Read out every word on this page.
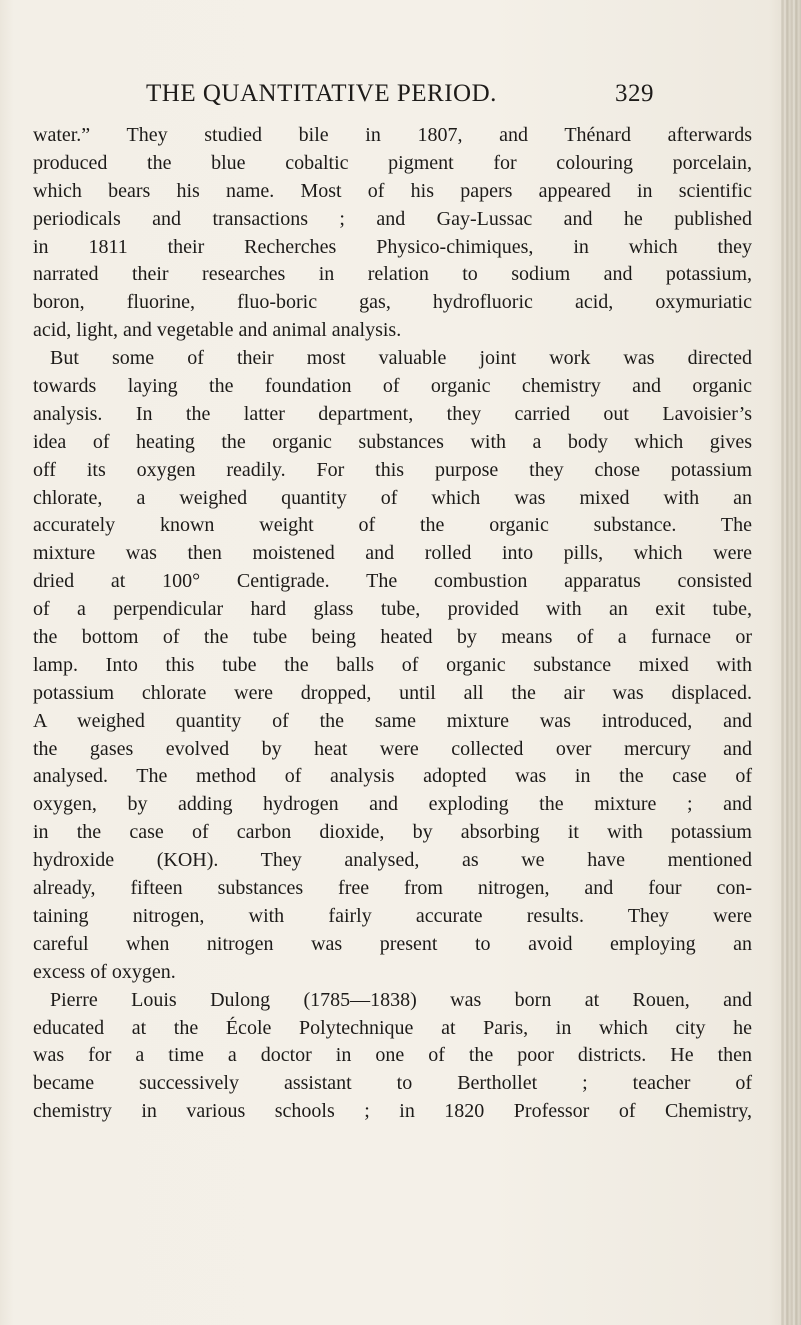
THE QUANTITATIVE PERIOD.	329
water.” They studied bile in 1807, and Thénard afterwards
produced the blue cobaltic pigment for colouring porcelain,
which bears his name. Most of his papers appeared in scientific
periodicals and transactions ; and Gay-Lussac and he published
in 1811 their Recherches Physico-chimiques, in which they
narrated their researches in relation to sodium and potassium,
boron, fluorine, fluo-boric gas, hydrofluoric acid, oxymuriatic
acid, light, and vegetable and animal analysis.
But some of their most valuable joint work was directed
towards laying the foundation of organic chemistry and organic
analysis. In the latter department, they carried out Lavoisier’s
idea of heating the organic substances with a body which gives
off its oxygen readily. For this purpose they chose potassium
chlorate, a weighed quantity of which was mixed with an
accurately known weight of the organic substance. The
mixture was then moistened and rolled into pills, which were
dried at 100° Centigrade. The combustion apparatus consisted
of a perpendicular hard glass tube, provided with an exit tube,
the bottom of the tube being heated by means of a furnace or
lamp. Into this tube the balls of organic substance mixed with
potassium chlorate were dropped, until all the air was displaced.
A weighed quantity of the same mixture was introduced, and
the gases evolved by heat were collected over mercury and
analysed. The method of analysis adopted was in the case of
oxygen, by adding hydrogen and exploding the mixture ; and
in the case of carbon dioxide, by absorbing it with potassium
hydroxide (KOH). They analysed, as we have mentioned
already, fifteen substances free from nitrogen, and four con-
taining nitrogen, with fairly accurate results. They were
careful when nitrogen was present to avoid employing an
excess of oxygen.
Pierre Louis Dulong (1785—1838) was born at Rouen, and
educated at the École Polytechnique at Paris, in which city he
was for a time a doctor in one of the poor districts. He then
became successively assistant to Berthollet ; teacher of
chemistry in various schools ; in 1820 Professor of Chemistry,
